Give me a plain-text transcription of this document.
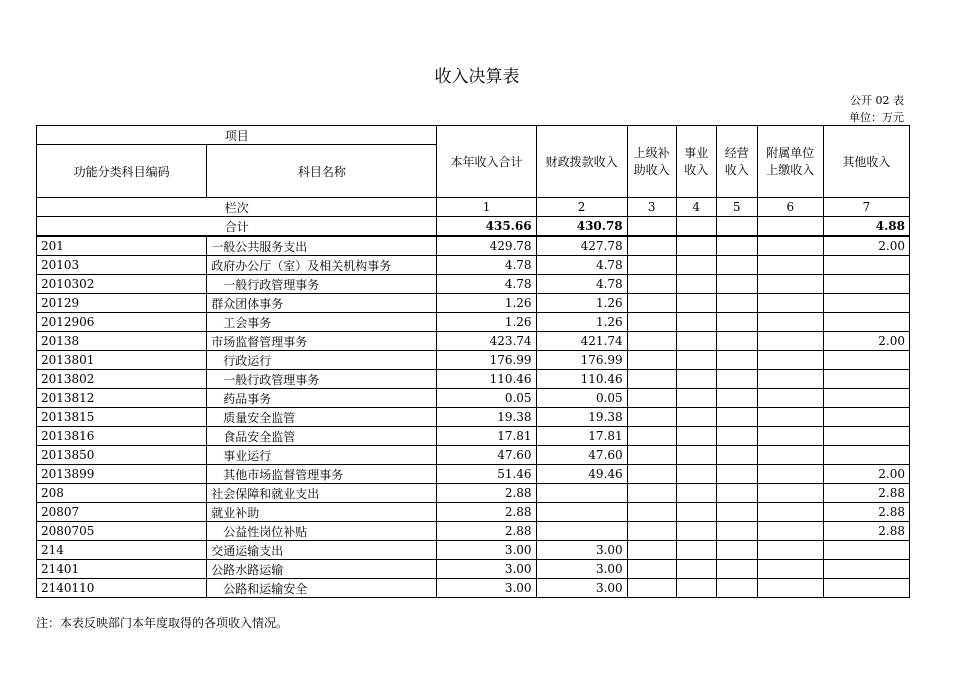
收入决算表
公开 02 表
单位：万元
项目		本年收入合计	财政拨款收入	上级补助收入	事业收入	经营收入	附属单位上缴收入	其他收入
功能分类科目编码	科目名称							
栏次		1	2	3	4	5	6	7
合计		435.66	430.78					4.88
201	一般公共服务支出	429.78	427.78					2.00
20103	政府办公厅（室）及相关机构事务	4.78	4.78					
2010302	一般行政管理事务	4.78	4.78					
20129	群众团体事务	1.26	1.26					
2012906	工会事务	1.26	1.26					
20138	市场监督管理事务	423.74	421.74					2.00
2013801	行政运行	176.99	176.99					
2013802	一般行政管理事务	110.46	110.46					
2013812	药品事务	0.05	0.05					
2013815	质量安全监管	19.38	19.38					
2013816	食品安全监管	17.81	17.81					
2013850	事业运行	47.60	47.60					
2013899	其他市场监督管理事务	51.46	49.46					2.00
208	社会保障和就业支出	2.88						2.88
20807	就业补助	2.88						2.88
2080705	公益性岗位补贴	2.88						2.88
214	交通运输支出	3.00	3.00					
21401	公路水路运输	3.00	3.00					
2140110	公路和运输安全	3.00	3.00					
注：本表反映部门本年度取得的各项收入情况。
